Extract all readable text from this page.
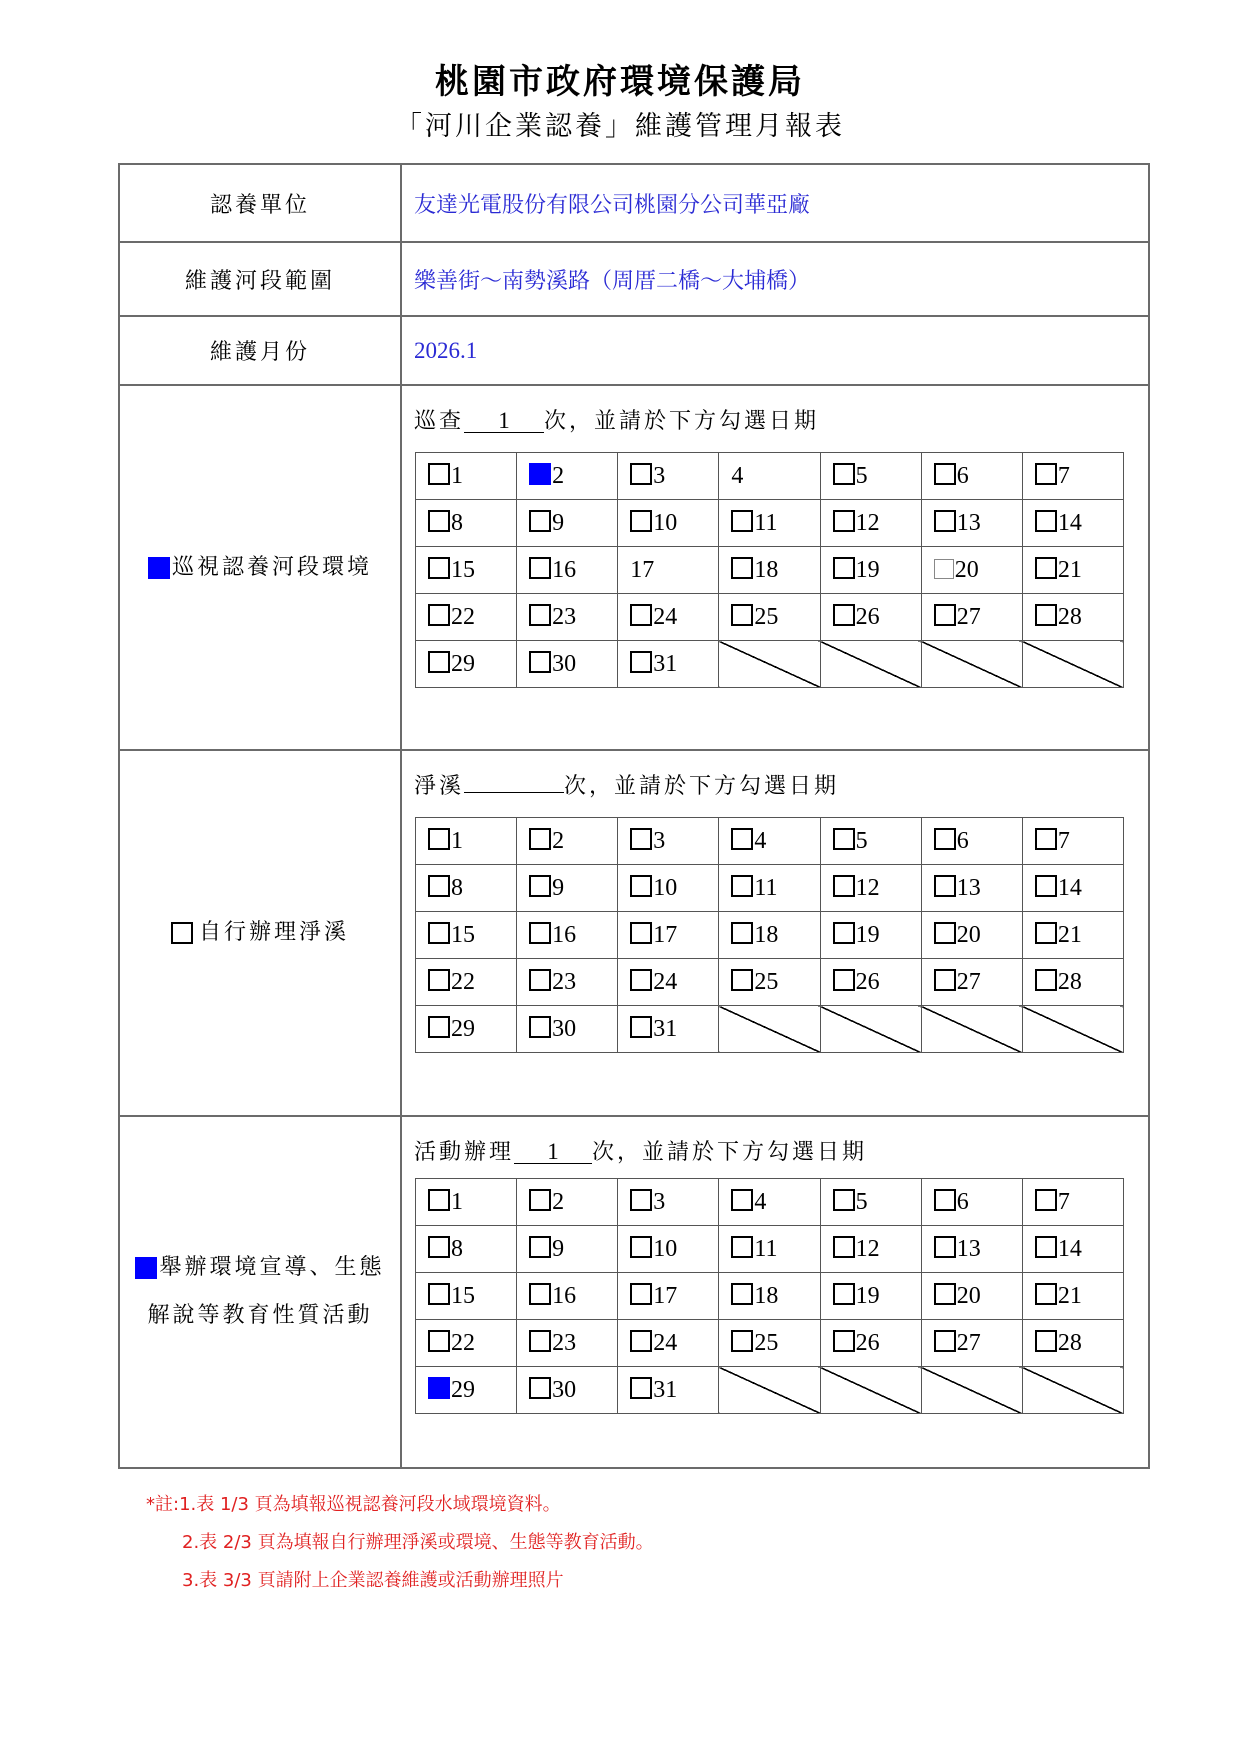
桃園市政府環境保護局
「河川企業認養」維護管理月報表
認養單位	友達光電股份有限公司桃園分公司華亞廠
維護河段範圍	樂善街～南勢溪路（周厝二橋～大埔橋）
維護月份	2026.1
巡視認養河段環境
巡查 1 次，並請於下方勾選日期
1	2	3	4	5	6	7
8	9	10	11	12	13	14
15	16	17	18	19	20	21
22	23	24	25	26	27	28
29	30	31				
自行辦理淨溪
淨溪	次，並請於下方勾選日期
1	2	3	4	5	6	7
8	9	10	11	12	13	14
15	16	17	18	19	20	21
22	23	24	25	26	27	28
29	30	31				
舉辦環境宣導、生態
解說等教育性質活動
活動辦理 1 次，並請於下方勾選日期
1	2	3	4	5	6	7
8	9	10	11	12	13	14
15	16	17	18	19	20	21
22	23	24	25	26	27	28
29	30	31				
*註:1.表 1/3 頁為填報巡視認養河段水域環境資料。
2.表 2/3 頁為填報自行辦理淨溪或環境、生態等教育活動。
3.表 3/3 頁請附上企業認養維護或活動辦理照片
